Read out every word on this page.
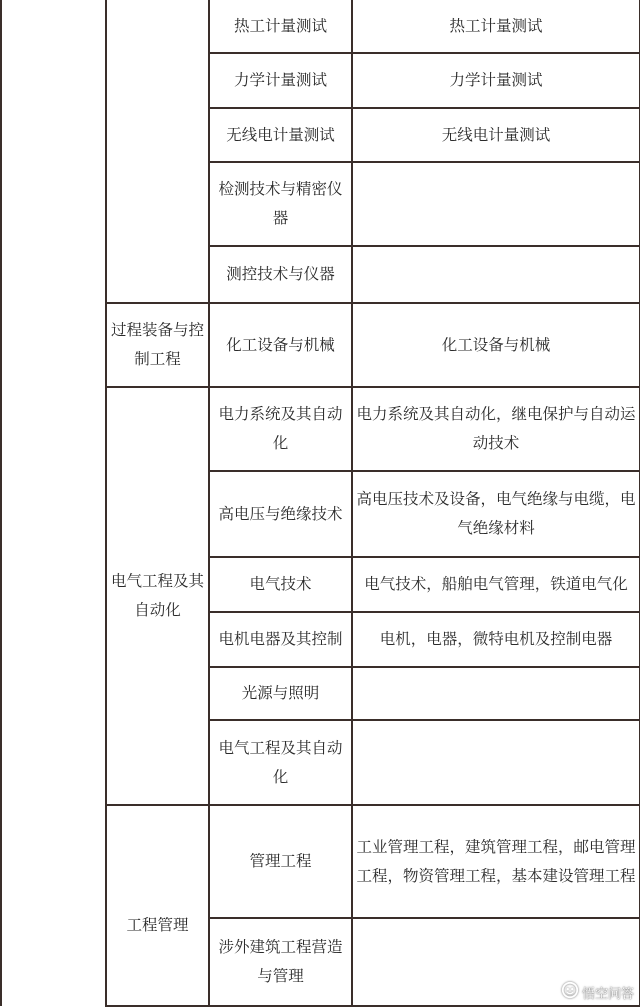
	热工计量测试	热工计量测试
	力学计量测试	力学计量测试
	无线电计量测试	无线电计量测试
	检测技术与精密仪器	
	测控技术与仪器	
过程装备与控制工程	化工设备与机械	化工设备与机械
电气工程及其自动化	电力系统及其自动化	电力系统及其自动化，继电保护与自动运动技术
	高电压与绝缘技术	高电压技术及设备，电气绝缘与电缆，电气绝缘材料
	电气技术	电气技术，船舶电气管理，铁道电气化
	电机电器及其控制	电机，电器，微特电机及控制电器
	光源与照明	
	电气工程及其自动化	
工程管理	管理工程	工业管理工程，建筑管理工程，邮电管理工程，物资管理工程，基本建设管理工程
	涉外建筑工程营造与管理	
悟空问答
